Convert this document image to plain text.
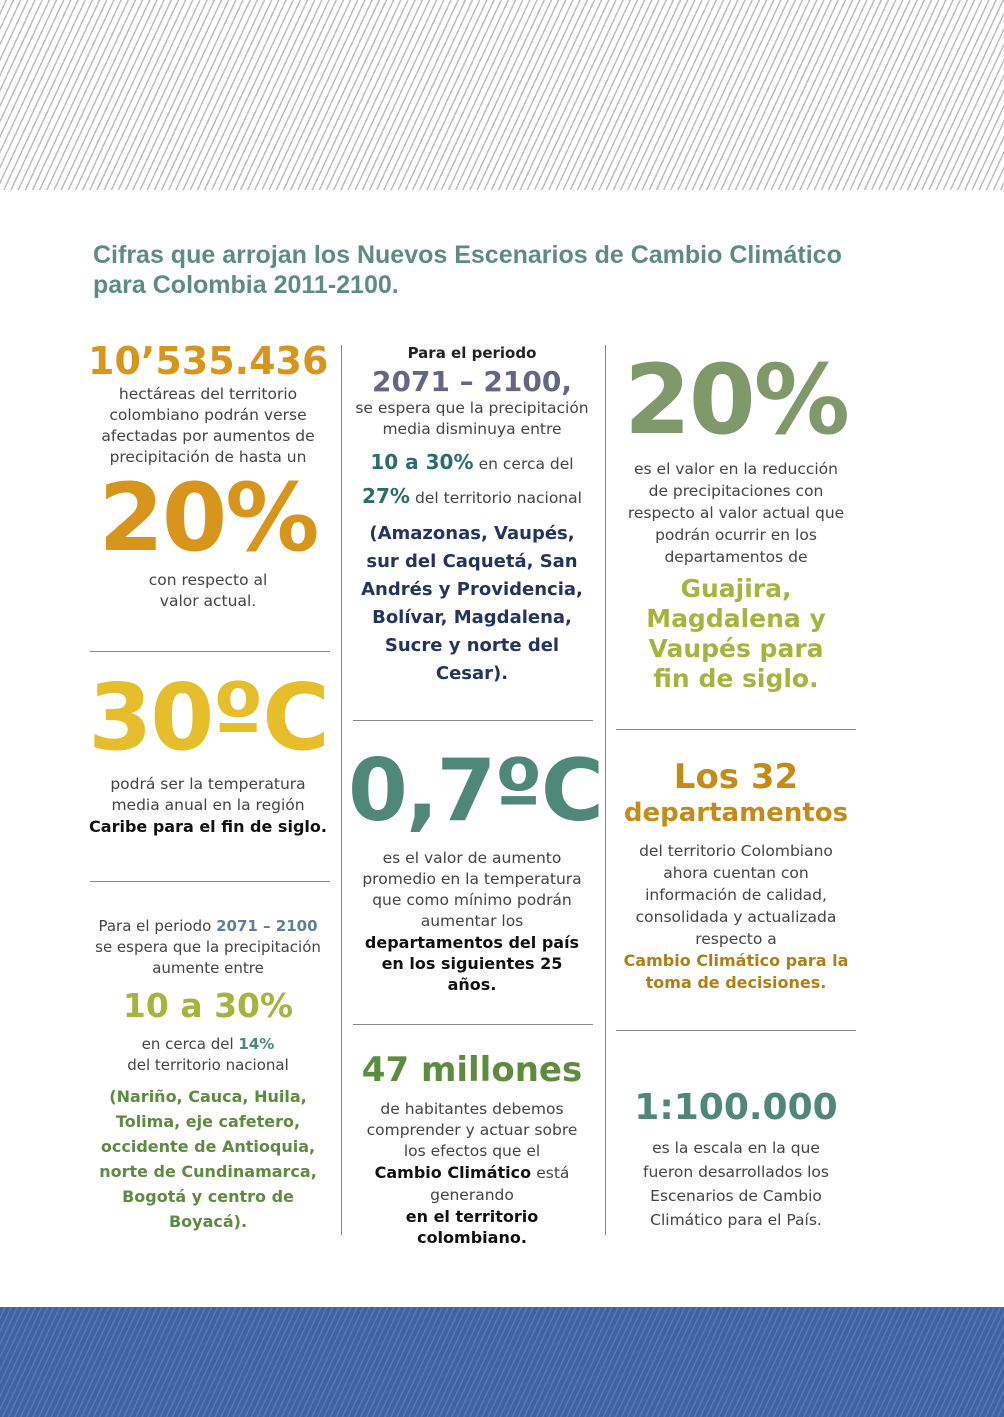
Cifras que arrojan los Nuevos Escenarios de Cambio Climático para Colombia 2011-2100.
10’535.436
hectáreas del territorio colombiano podrán verse afectadas por aumentos de precipitación de hasta un
20%
con respecto al valor actual.
30ºC
podrá ser la temperatura media anual en la región
Caribe para el fin de siglo.
Para el periodo 2071 – 2100
se espera que la precipitación aumente entre
10 a 30%
en cerca del 14%
del territorio nacional
(Nariño, Cauca, Huila, Tolima, eje cafetero, occidente de Antioquia, norte de Cundinamarca, Bogotá y centro de Boyacá).
Para el periodo
2071 – 2100,
se espera que la precipitación media disminuya entre
10 a 30% en cerca del
27% del territorio nacional
(Amazonas, Vaupés, sur del Caquetá, San Andrés y Providencia, Bolívar, Magdalena, Sucre y norte del Cesar).
0,7ºC
es el valor de aumento promedio en la temperatura que como mínimo podrán aumentar los
departamentos del país en los siguientes 25 años.
47 millones
de habitantes debemos comprender y actuar sobre los efectos que el
Cambio Climático está generando
en el territorio colombiano.
20%
es el valor en la reducción de precipitaciones con respecto al valor actual que podrán ocurrir en los departamentos de
Guajira, Magdalena y Vaupés para fin de siglo.
Los 32
departamentos
del territorio Colombiano ahora cuentan con información de calidad, consolidada y actualizada respecto a
Cambio Climático para la toma de decisiones.
1:100.000
es la escala en la que fueron desarrollados los Escenarios de Cambio Climático para el País.
